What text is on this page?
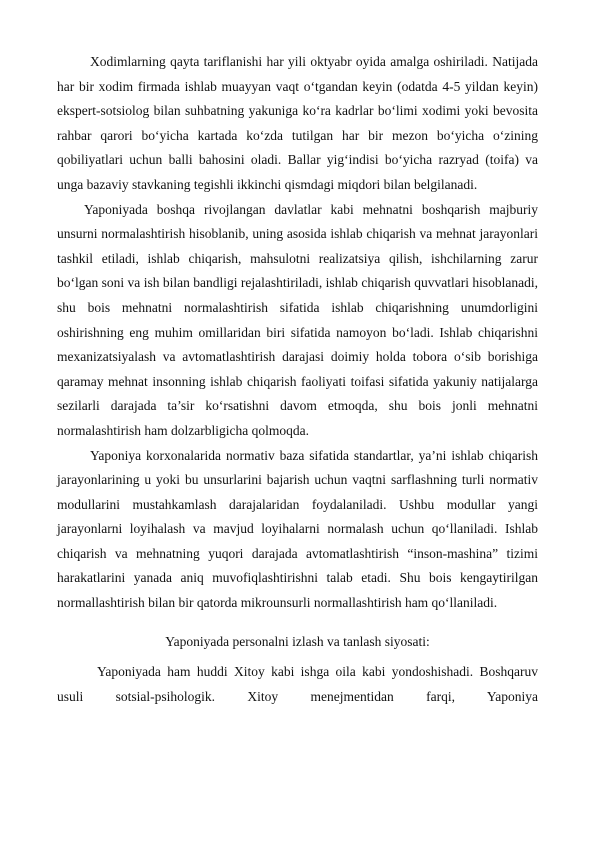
Xodimlarning qayta tariflanishi har yili oktyabr oyida amalga oshiriladi. Natijada har bir xodim firmada ishlab muayyan vaqt o‘tgandan keyin (odatda 4-5 yildan keyin) ekspert-sotsiolog bilan suhbatning yakuniga ko‘ra kadrlar bo‘limi xodimi yoki bevosita rahbar qarori bo‘yicha kartada ko‘zda tutilgan har bir mezon bo‘yicha o‘zining qobiliyatlari uchun balli bahosini oladi. Ballar yig‘indisi bo‘yicha razryad (toifa) va unga bazaviy stavkaning tegishli ikkinchi qismdagi miqdori bilan belgilanadi.

Yaponiyada boshqa rivojlangan davlatlar kabi mehnatni boshqarish majburiy unsurni normalashtirish hisoblanib, uning asosida ishlab chiqarish va mehnat jarayonlari tashkil etiladi, ishlab chiqarish, mahsulotni realizatsiya qilish, ishchilarning zarur bo‘lgan soni va ish bilan bandligi rejalashtiriladi, ishlab chiqarish quvvatlari hisoblanadi, shu bois mehnatni normalashtirish sifatida ishlab chiqarishning unumdorligini oshirishning eng muhim omillaridan biri sifatida namoyon bo‘ladi. Ishlab chiqarishni mexanizatsiyalash va avtomatlashtirish darajasi doimiy holda tobora o‘sib borishiga qaramay mehnat insonning ishlab chiqarish faoliyati toifasi sifatida yakuniy natijalarga sezilarli darajada ta’sir ko‘rsatishni davom etmoqda, shu bois jonli mehnatni normalashtirish ham dolzarbligicha qolmoqda.

Yaponiya korxonalarida normativ baza sifatida standartlar, ya’ni ishlab chiqarish jarayonlarining u yoki bu unsurlarini bajarish uchun vaqtni sarflashning turli normativ modullarini mustahkamlash darajalaridan foydalaniladi. Ushbu modullar yangi jarayonlarni loyihalash va mavjud loyihalarni normalash uchun qo‘llaniladi. Ishlab chiqarish va mehnatning yuqori darajada avtomatlashtirish “inson-mashina” tizimi harakatlarini yanada aniq muvofiqlashtirishni talab etadi. Shu bois kengaytirilgan normallashtirish bilan bir qatorda mikrounsurli normallashtirish ham qo‘llaniladi.

Yaponiyada personalni izlash va tanlash siyosati:

Yaponiyada ham huddi Xitoy kabi ishga oila kabi yondoshishadi. Boshqaruv usuli sotsial-psihologik. Xitoy menejmentidan farqi, Yaponiya
